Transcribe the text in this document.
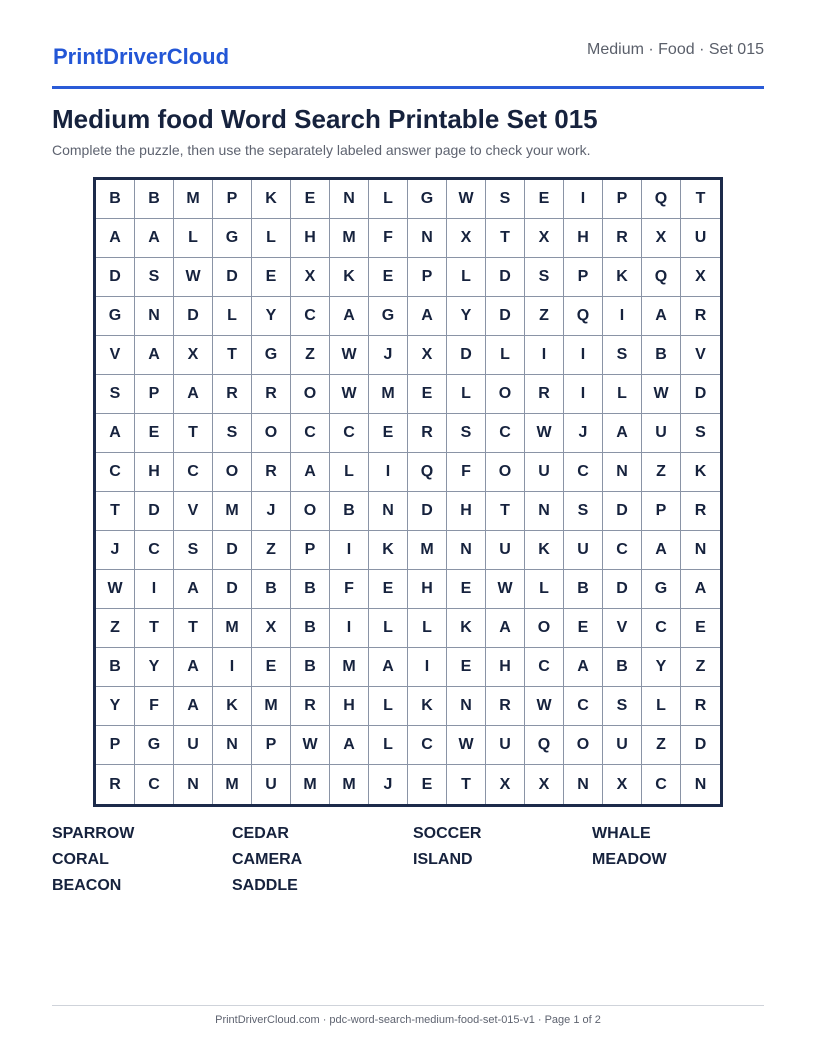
PrintDriverCloud	Medium · Food · Set 015
Medium food Word Search Printable Set 015
Complete the puzzle, then use the separately labeled answer page to check your work.
B	B	M	P	K	E	N	L	G	W	S	E	I	P	Q	T
A	A	L	G	L	H	M	F	N	X	T	X	H	R	X	U
D	S	W	D	E	X	K	E	P	L	D	S	P	K	Q	X
G	N	D	L	Y	C	A	G	A	Y	D	Z	Q	I	A	R
V	A	X	T	G	Z	W	J	X	D	L	I	I	S	B	V
S	P	A	R	R	O	W	M	E	L	O	R	I	L	W	D
A	E	T	S	O	C	C	E	R	S	C	W	J	A	U	S
C	H	C	O	R	A	L	I	Q	F	O	U	C	N	Z	K
T	D	V	M	J	O	B	N	D	H	T	N	S	D	P	R
J	C	S	D	Z	P	I	K	M	N	U	K	U	C	A	N
W	I	A	D	B	B	F	E	H	E	W	L	B	D	G	A
Z	T	T	M	X	B	I	L	L	K	A	O	E	V	C	E
B	Y	A	I	E	B	M	A	I	E	H	C	A	B	Y	Z
Y	F	A	K	M	R	H	L	K	N	R	W	C	S	L	R
P	G	U	N	P	W	A	L	C	W	U	Q	O	U	Z	D
R	C	N	M	U	M	M	J	E	T	X	X	N	X	C	N
SPARROW	CEDAR	SOCCER	WHALE
CORAL	CAMERA	ISLAND	MEADOW
BEACON	SADDLE
PrintDriverCloud.com · pdc-word-search-medium-food-set-015-v1 · Page 1 of 2
